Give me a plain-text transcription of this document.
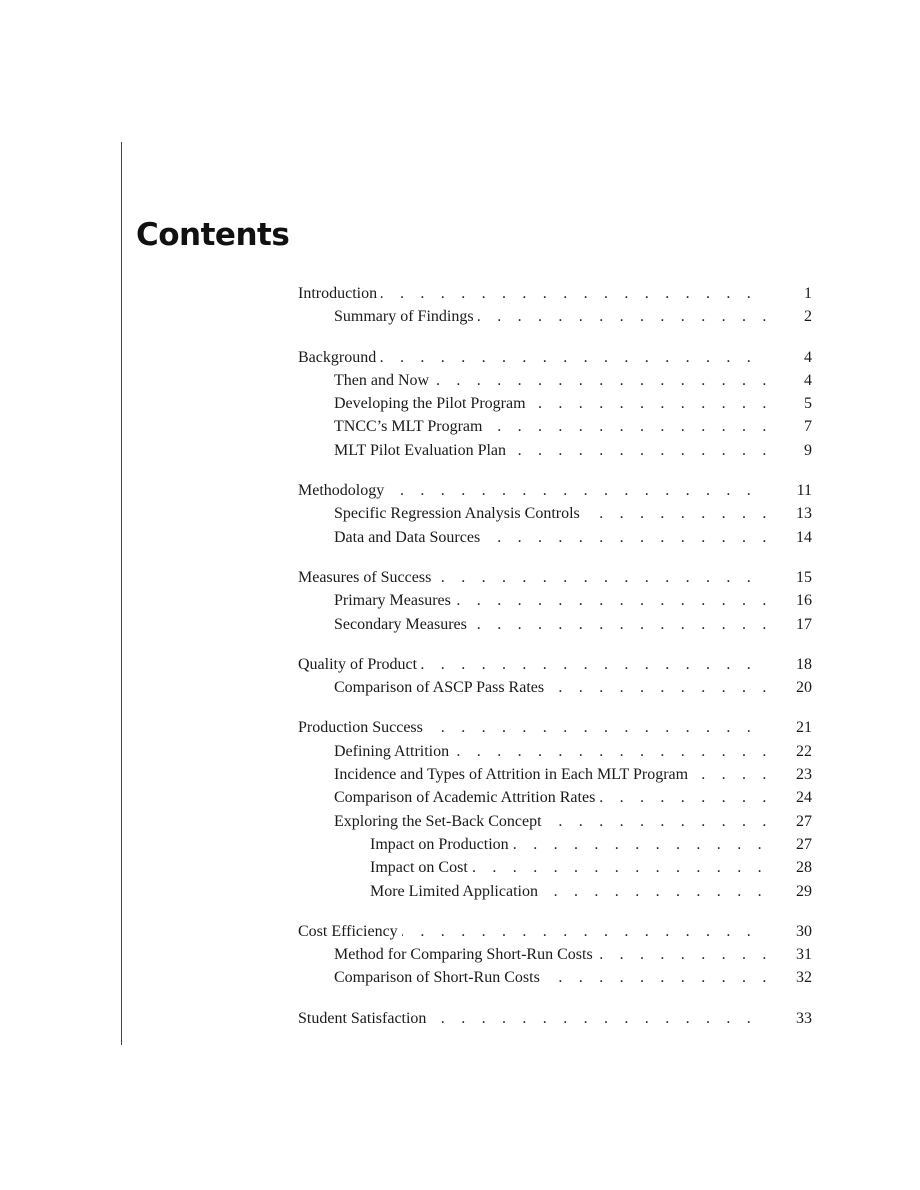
Contents
. . .
Introduction	1
. . .
Summary of Findings	2
. . .
Background	4
. . .
Then and Now	4
. . .
Developing the Pilot Program	5
. . .
TNCC’s MLT Program	7
. . .
MLT Pilot Evaluation Plan	9
. . .
Methodology	11
. . .
Specific Regression Analysis Controls	13
. . .
Data and Data Sources	14
. . .
Measures of Success	15
. . .
Primary Measures	16
. . .
Secondary Measures	17
. . .
Quality of Product	18
. . .
Comparison of ASCP Pass Rates	20
. . .
Production Success	21
. . .
Defining Attrition	22
. . .
Incidence and Types of Attrition in Each MLT Program	23
. . .
Comparison of Academic Attrition Rates	24
. . .
Exploring the Set-Back Concept	27
. . .
Impact on Production	27
. . .
Impact on Cost	28
. . .
More Limited Application	29
. . .
Cost Efficiency	30
. . .
Method for Comparing Short-Run Costs	31
. . .
Comparison of Short-Run Costs	32
. . .
Student Satisfaction	33
